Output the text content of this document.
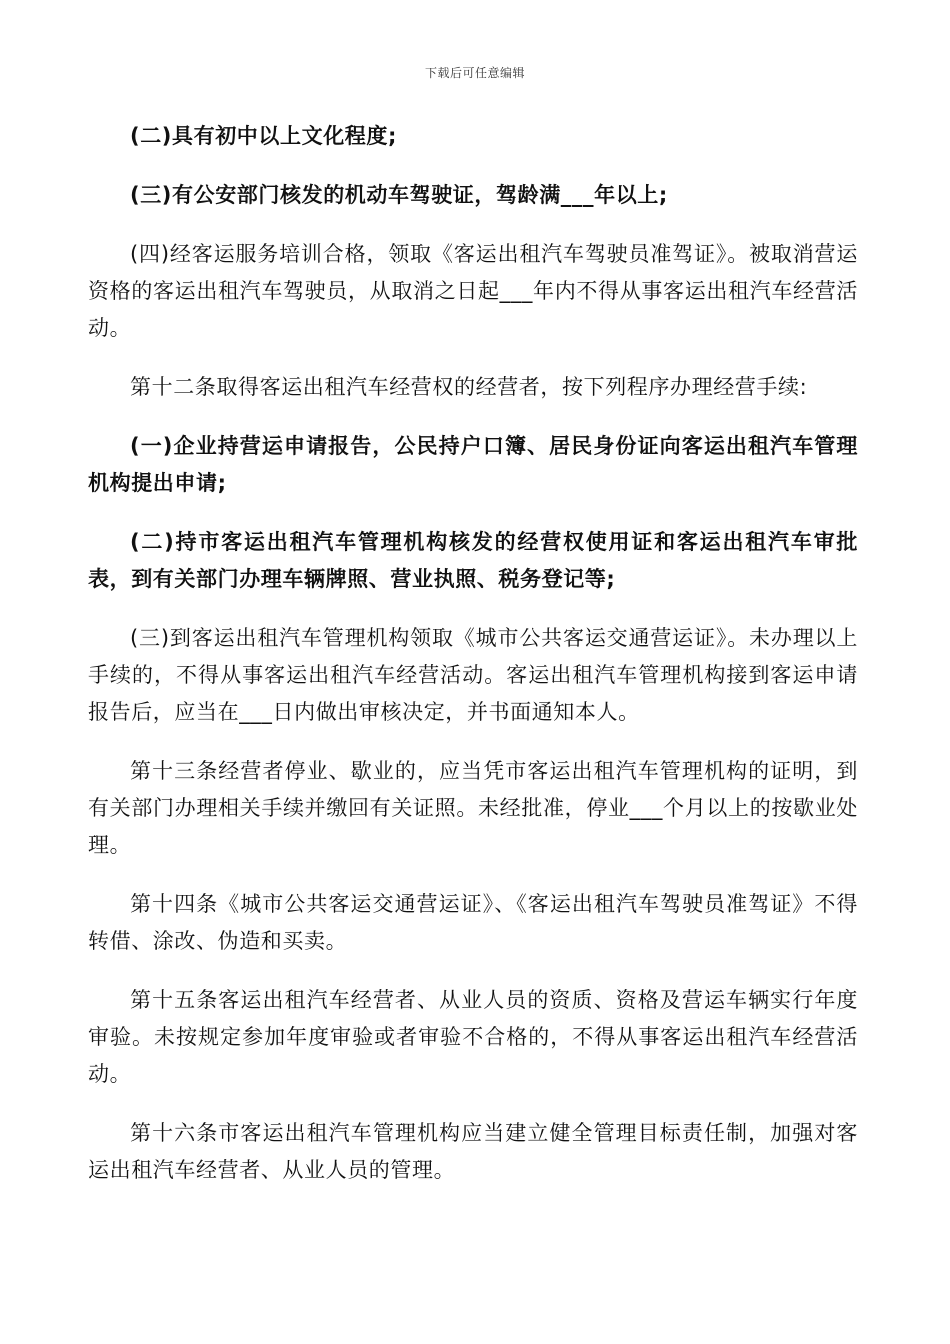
下载后可任意编辑

(二)具有初中以上文化程度;

(三)有公安部门核发的机动车驾驶证，驾龄满___年以上;

(四)经客运服务培训合格，领取《客运出租汽车驾驶员准驾证》。被取消营运资格的客运出租汽车驾驶员，从取消之日起___年内不得从事客运出租汽车经营活动。

第十二条取得客运出租汽车经营权的经营者，按下列程序办理经营手续:

(一)企业持营运申请报告，公民持户口簿、居民身份证向客运出租汽车管理机构提出申请;

(二)持市客运出租汽车管理机构核发的经营权使用证和客运出租汽车审批表，到有关部门办理车辆牌照、营业执照、税务登记等;

(三)到客运出租汽车管理机构领取《城市公共客运交通营运证》。未办理以上手续的，不得从事客运出租汽车经营活动。客运出租汽车管理机构接到客运申请报告后，应当在___日内做出审核决定，并书面通知本人。

第十三条经营者停业、歇业的，应当凭市客运出租汽车管理机构的证明，到有关部门办理相关手续并缴回有关证照。未经批准，停业___个月以上的按歇业处理。

第十四条《城市公共客运交通营运证》、《客运出租汽车驾驶员准驾证》不得转借、涂改、伪造和买卖。

第十五条客运出租汽车经营者、从业人员的资质、资格及营运车辆实行年度审验。未按规定参加年度审验或者审验不合格的，不得从事客运出租汽车经营活动。

第十六条市客运出租汽车管理机构应当建立健全管理目标责任制，加强对客运出租汽车经营者、从业人员的管理。
